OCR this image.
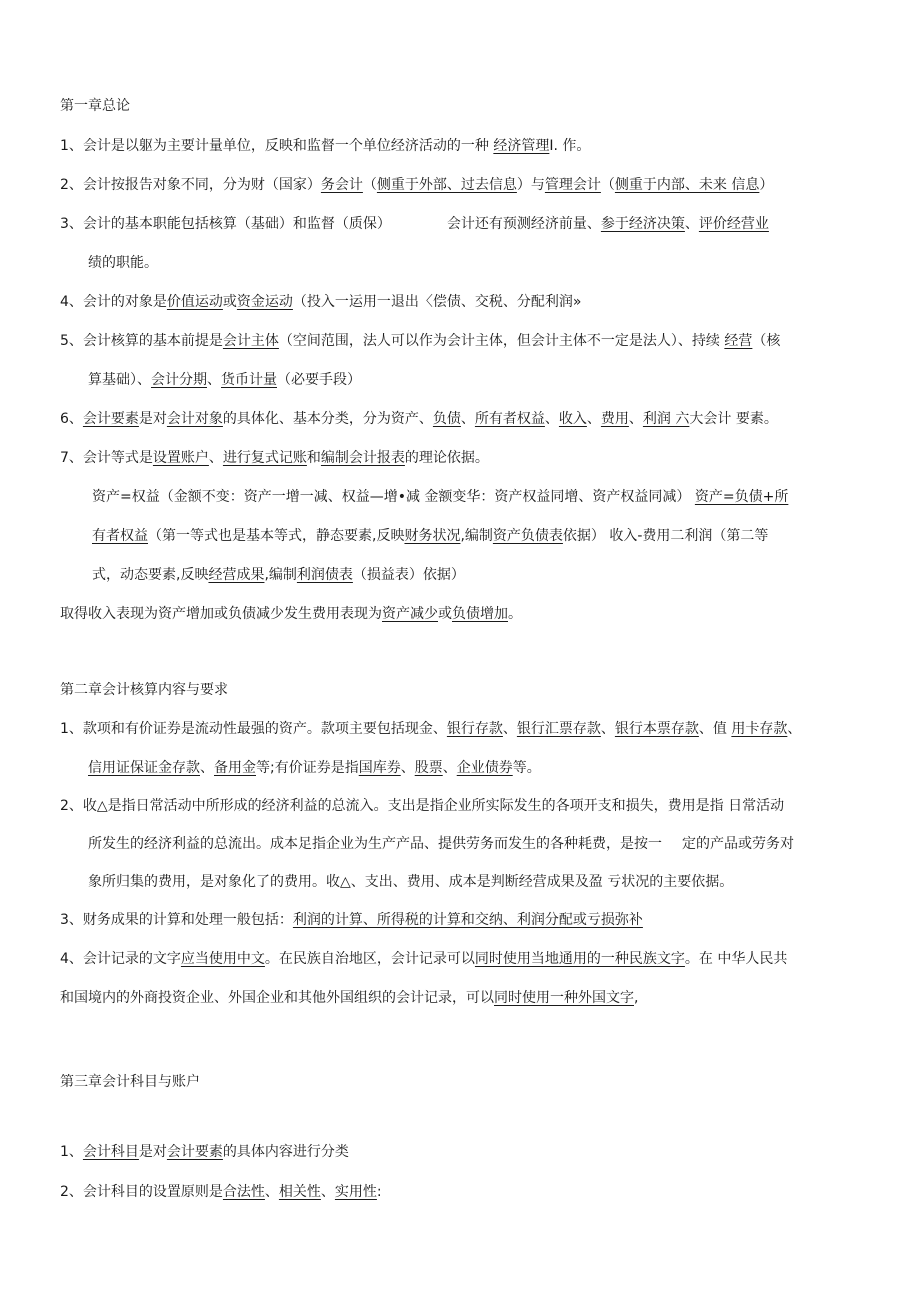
第一章总论
1、会计是以躯为主要计量单位，反映和监督一个单位经济活动的一种 经济管理I. 作。
2、会计按报告对象不同，分为财（国家）务会计（侧重于外部、过去信息）与管理会计（侧重于内部、未来 信息）
3、会计的基本职能包括核算（基础）和监督（质保）	会计还有预测经济前量、参于经济决策、评价经营业
绩的职能。
4、会计的对象是价值运动或资金运动（投入一运用一退出〈偿债、交税、分配利润»
5、会计核算的基本前提是会计主体（空间范围，法人可以作为会计主体，但会计主体不一定是法人）、持续 经营（核
算基础）、会计分期、货币计量（必要手段）
6、会计要素是对会计对象的具体化、基本分类，分为资产、负债、所有者权益、收入、费用、利润 六大会计 要素。
7、会计等式是设置账户、进行复式记账和编制会计报表的理论依据。
资产=权益（金额不变：资产一增一减、权益—增•减 金额变华：资产权益同增、资产权益同减） 资产=负债+所
有者权益（第一等式也是基本等式，静态要素,反映财务状况,编制资产负债表依据） 收入-费用二利润（第二等
式，动态要素,反映经营成果,编制利润债表（损益表）依据）
取得收入表现为资产增加或负债减少发生费用表现为资产减少或负债增加。
第二章会计核算内容与要求
1、款项和有价证券是流动性最强的资产。款项主要包括现金、银行存款、银行汇票存款、银行本票存款、值 用卡存款、
信用证保证金存款、备用金等;有价证券是指国库券、股票、企业债券等。
2、收△是指日常活动中所形成的经济利益的总流入。支出是指企业所实际发生的各项开支和损失，费用是指 日常活动
所发生的经济利益的总流出。成本足指企业为生产产品、提供劳务而发生的各种耗费，是按一 定的产品或劳务对
象所归集的费用，是对象化了的费用。收△、支出、费用、成本是判断经营成果及盈 亏状况的主要依据。
3、财务成果的计算和处理一般包括：利润的计算、所得税的计算和交纳、利润分配或亏损弥补
4、会计记录的文字应当使用中文。在民族自治地区，会计记录可以同时使用当地通用的一种民族文字。在 中华人民共
和国境内的外商投资企业、外国企业和其他外国组织的会计记录，可以同时使用一种外国文字,
第三章会计科目与账户
1、会计科目是对会计要素的具体内容进行分类
2、会计科目的设置原则是合法性、相关性、实用性:
